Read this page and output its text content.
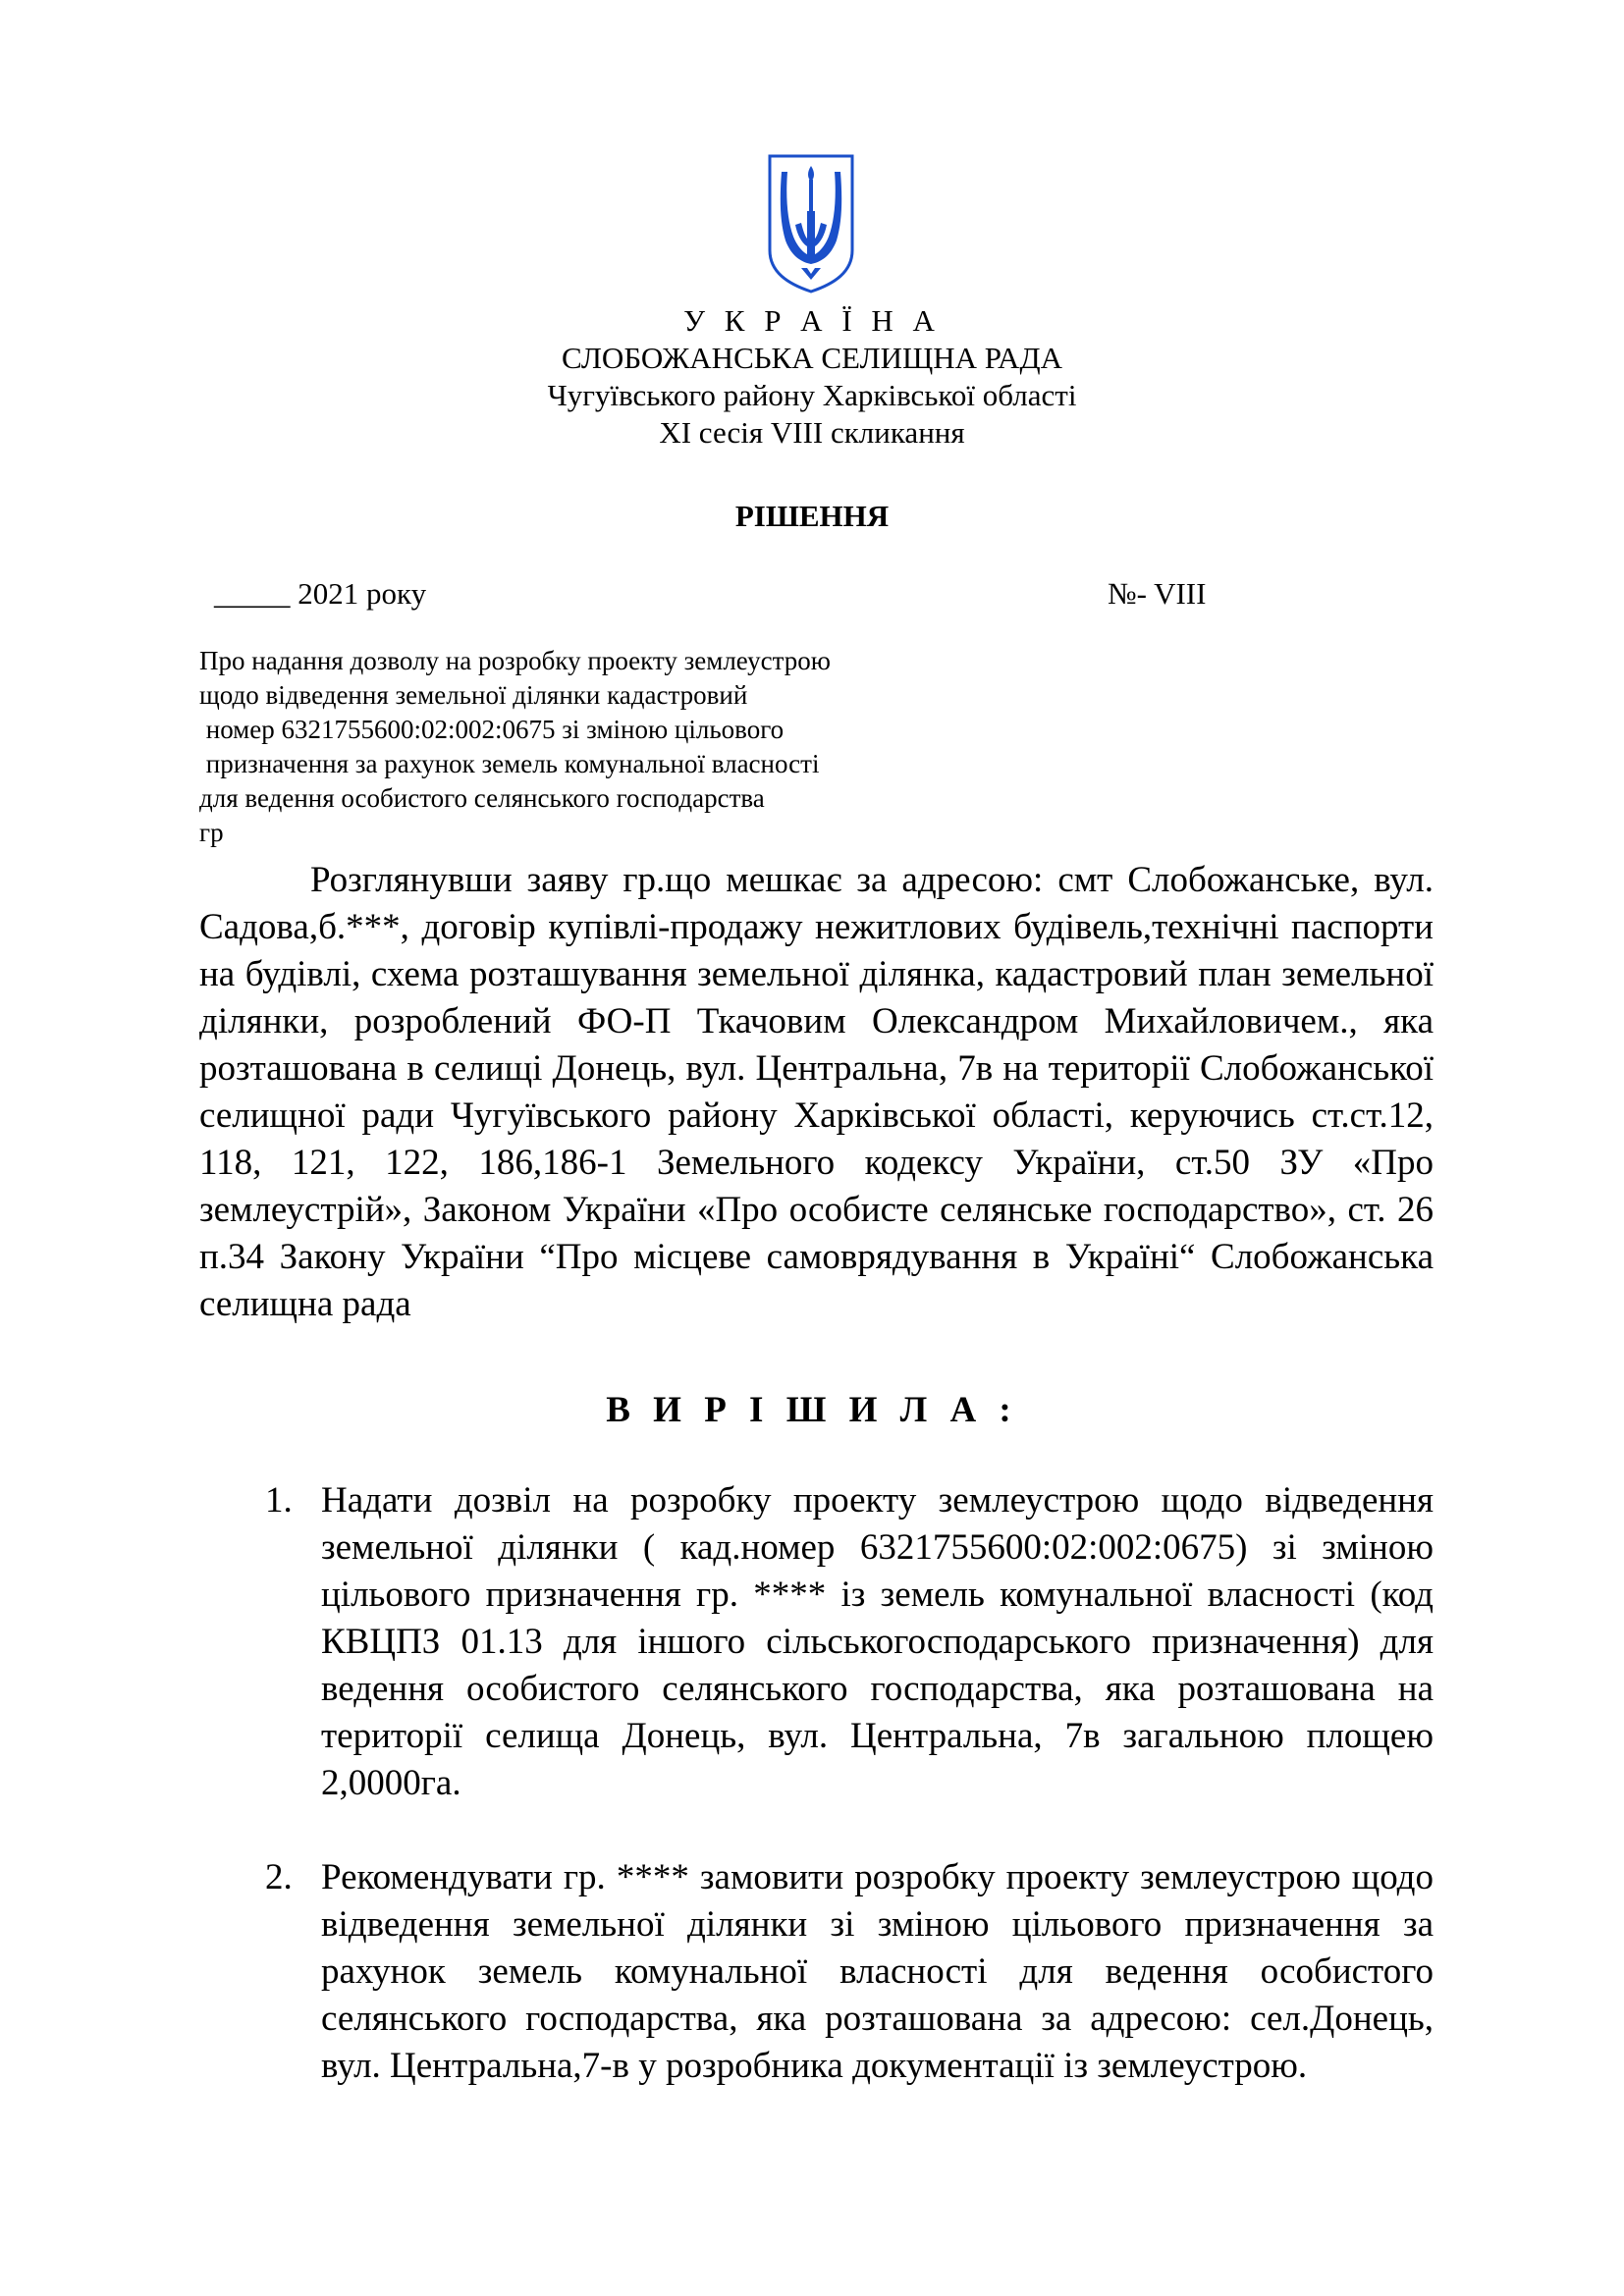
У К Р А Ї Н А
СЛОБОЖАНСЬКА СЕЛИЩНА РАДА
Чугуївського району Харківської області
XI сесія VIII скликання
РІШЕННЯ
_____ 2021 року	№- VIII
Про надання дозволу на розробку проекту землеустрою
щодо відведення земельної ділянки кадастровий
номер 6321755600:02:002:0675 зі зміною цільового
призначення за рахунок земель комунальної власності
для ведення особистого селянського господарства
гр
Розглянувши заяву гр.що мешкає за адресою: смт Слобожанське, вул. Садова,б.***, договір купівлі-продажу нежитлових будівель,технічні паспорти на будівлі, схема розташування земельної ділянка, кадастровий план земельної ділянки, розроблений ФО-П Ткачовим Олександром Михайловичем., яка розташована в селищі Донець, вул. Центральна, 7в на території Слобожанської селищної ради Чугуївського району Харківської області, керуючись ст.ст.12, 118, 121, 122, 186,186-1 Земельного кодексу України, ст.50 ЗУ «Про землеустрій», Законом України «Про особисте селянське господарство», ст. 26 п.34 Закону України “Про місцеве самоврядування в Україні“ Слобожанська селищна рада
В И Р І Ш И Л А :
1. Надати дозвіл на розробку проекту землеустрою щодо відведення земельної ділянки ( кад.номер 6321755600:02:002:0675) зі зміною цільового призначення гр. **** із земель комунальної власності (код КВЦПЗ 01.13 для іншого сільськогосподарського призначення) для ведення особистого селянського господарства, яка розташована на території селища Донець, вул. Центральна, 7в загальною площею 2,0000га.
2. Рекомендувати гр. **** замовити розробку проекту землеустрою щодо відведення земельної ділянки зі зміною цільового призначення за рахунок земель комунальної власності для ведення особистого селянського господарства, яка розташована за адресою: сел.Донець, вул. Центральна,7-в у розробника документації із землеустрою.
